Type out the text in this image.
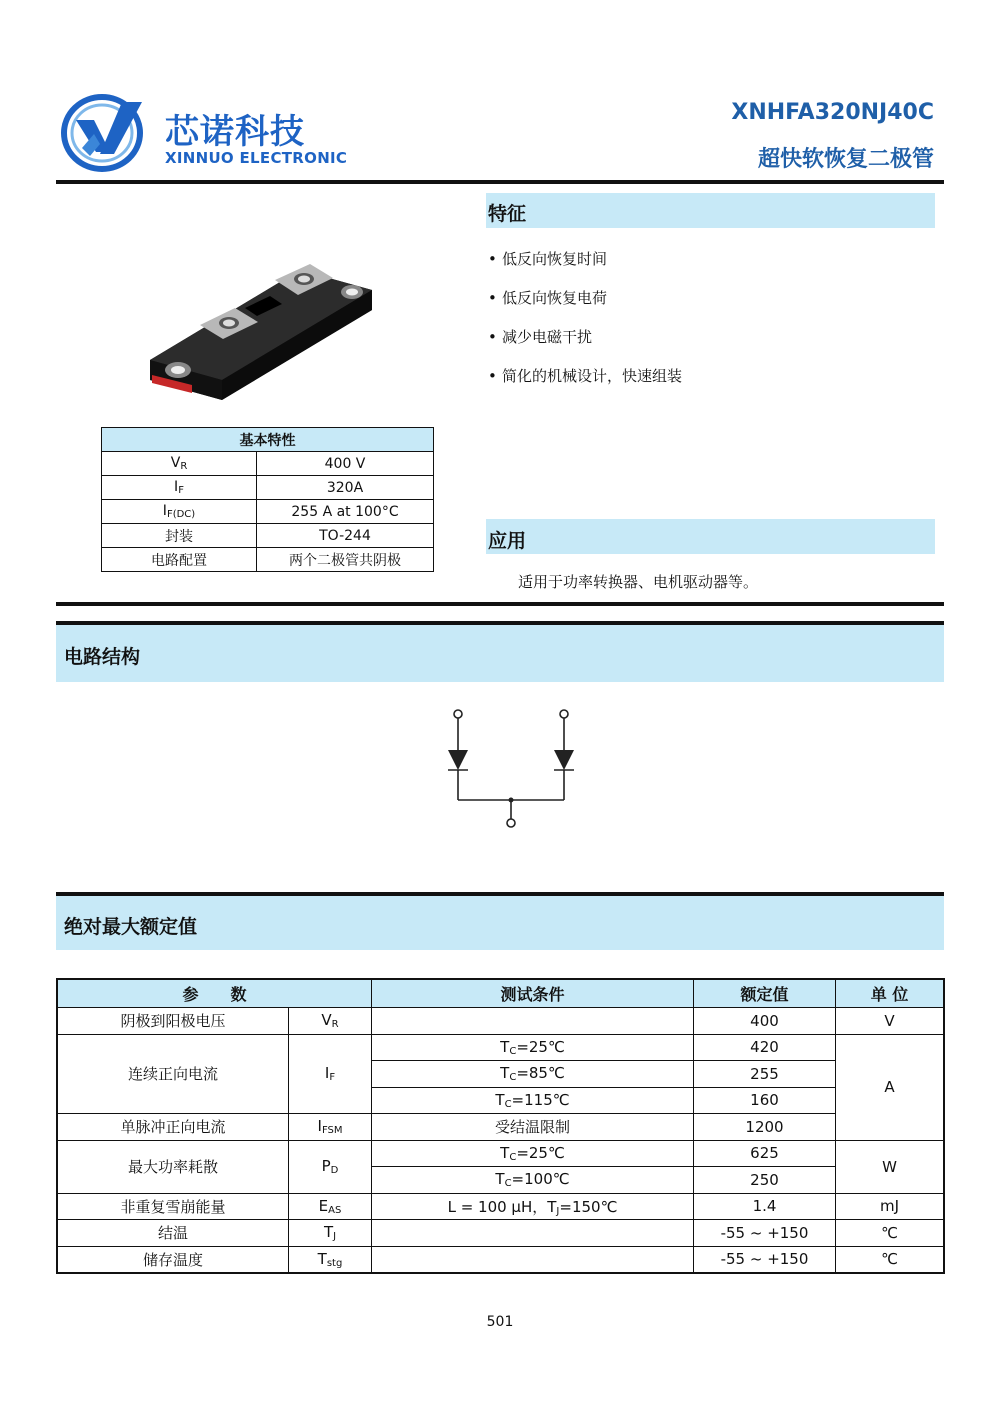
芯诺科技
XINNUO ELECTRONIC
XNHFA320NJ40C
超快软恢复二极管
基本特性	
$V_R$	400 V
$I_F$	320A
$I_{F(DC)}$	255 A at 100°C
封装	TO-244
电路配置	两个二极管共阴极
特征
• 低反向恢复时间
• 低反向恢复电荷
• 减少电磁干扰
• 简化的机械设计，快速组装
应用
适用于功率转换器、电机驱动器等。
电路结构
绝对最大额定值
参　　数		测试条件	额定值	单 位
阴极到阳极电压	$V_R$		400	V
连续正向电流	$I_F$	$T_C=25℃$	420	A
		$T_C=85℃$	255	
		$T_C=115℃$	160	
单脉冲正向电流	$I_{FSM}$	受结温限制	1200	
最大功率耗散	$P_D$	$T_C=25℃$	625	W
		$T_C=100℃$	250	
非重复雪崩能量	$E_{AS}$	L = 100 μH，$T_J=150℃$	1.4	mJ
结温	$T_J$		-55 ~ +150	℃
储存温度	$T_{stg}$		-55 ~ +150	℃
501
